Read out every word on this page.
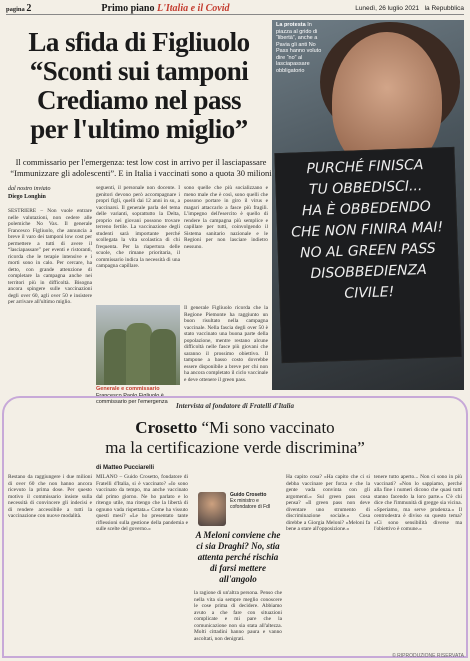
pagina 2	Primo piano L'Italia e il Covid	Lunedì, 26 luglio 2021 la Repubblica
La sfida di Figliuolo
“Sconti sui tamponi
Crediamo nel pass
per l'ultimo miglio”
Il commissario per l'emergenza: test low cost in arrivo per il lasciapassare “Immunizzare gli adolescenti”. E in Italia i vaccinati sono a quota 30 milioni
dal nostro inviato
Diego Longhin

SESTRIERE – Non vuole entrare nelle valutazioni, non cedere alle polemiche No Vax. Il generale Francesco Figliuolo, che annuncia a breve il varo dei tamponi low cost per permettere a tutti di avere il “lasciapassare” per eventi e ristoranti, ricorda che le terapie intensive e i morti sono in calo. Per cercare, ha detto, con grande attenzione di completare la campagna anche nei territori più in difficoltà. Bisogna ancora spingere sulle vaccinazioni degli over 60, agli over 50 e insistere per arrivare all'ultimo miglio.

seguenti, il personale non docente. I genitori devono però accompagnare i propri figli, quelli dai 12 anni in su, a vaccinarsi. Il generale parla del tema delle varianti, soprattutto la Delta, proprio nei giovani possono trovare terreno fertile. La vaccinazione degli studenti sarà importante perché scollegata la vita scolastica di chi frequenta. Per la riapertura delle scuole, che rimane prioritaria, il commissario indica la necessità di una campagna capillare.

sono quelle che più socializzano e meno male che è così, sono quelli che possono portare in giro il virus e magari attaccarlo a fasce più fragili. L'impegno dell'esercito è quello di rendere la campagna più semplice e capillare per tutti, coinvolgendo il Sistema sanitario nazionale e le Regioni per non lasciare indietro nessuno.

Il generale Figliuolo ricorda che la Regione Piemonte ha raggiunto un buon risultato nella campagna vaccinale. Nella fascia degli over 50 è stato vaccinato una buona parte della popolazione, mentre restano alcune difficoltà nelle fasce più giovani che saranno il prossimo obiettivo. Il tampone a basso costo dovrebbe essere disponibile a breve per chi non ha ancora completato il ciclo vaccinale e deve ottenere il green pass.

Generale e commissario Francesco Paolo Figliuolo è commissario per l'emergenza
PURCHÉ FINISCA
TU OBBEDISCI...
HA È OBBEDENDO
CHE NON FINIRA MAI!
NO AL GREEN PASS
DISOBBEDIENZA CIVILE!
La protesta In piazza al grido di “libertà”, anche a Pavia gli anti No Pass hanno voluto dire “no” al lasciapassare obbligatorio
Intervista al fondatore di Fratelli d'Italia
Crosetto “Mi sono vaccinato
ma la certificazione verde discrimina”
di Matteo Pucciarelli
MILANO – Guido Crosetto, fondatore di Fratelli d'Italia, si è vaccinato? «Io sono vaccinato da tempo, ma anche vaccinato dal primo giorno. Ne ho parlato e lo ritengo utile, ma ritengo che la libertà di ognuno vada rispettata.» Come ha vissuto questi mesi? «Le ho presentato tante riflessioni sulla gestione della pandemia e sulle scelte del governo.»
Guido Crosetto
Ex ministro e cofondatore di FdI
A Meloni conviene che ci sia Draghi? No, stia attenta perché rischia di farsi mettere all'angolo
la ragione di un'altra persona. Penso che nella vita sia sempre meglio conoscere le cose prima di decidere. Abbiamo avuto a che fare con situazioni complicate e mi pare che la comunicazione non sia stata all'altezza. Molti cittadini hanno paura e vanno ascoltati, non denigrati.
Ha capito cosa? «Ha capito che ci si debba vaccinare per forza e che la gente vada convinta con gli argomenti.» Sul green pass cosa pensa? «Il green pass non deve diventare uno strumento di discriminazione sociale.» Cosa direbbe a Giorgia Meloni? «Meloni fa bene a stare all'opposizione.»
tenere tutto aperto... Non ci sono in più vaccinati? «Non lo sappiamo, perché alla fine i numeri dicono che quasi tutti stanno facendo la loro parte.» C'è chi dice che l'immunità di gregge sia vicina. «Speriamo, ma serve prudenza.» Il centrodestra è diviso su questo tema? «Ci sono sensibilità diverse ma l'obiettivo è comune.»
Restano da raggiungere i due milioni di over 60 che non hanno ancora ricevuto la prima dose. Per questo motivo il commissario insiste sulla necessità di convincere gli indecisi e di rendere accessibile a tutti la vaccinazione con nuove modalità.
© RIPRODUZIONE RISERVATA
